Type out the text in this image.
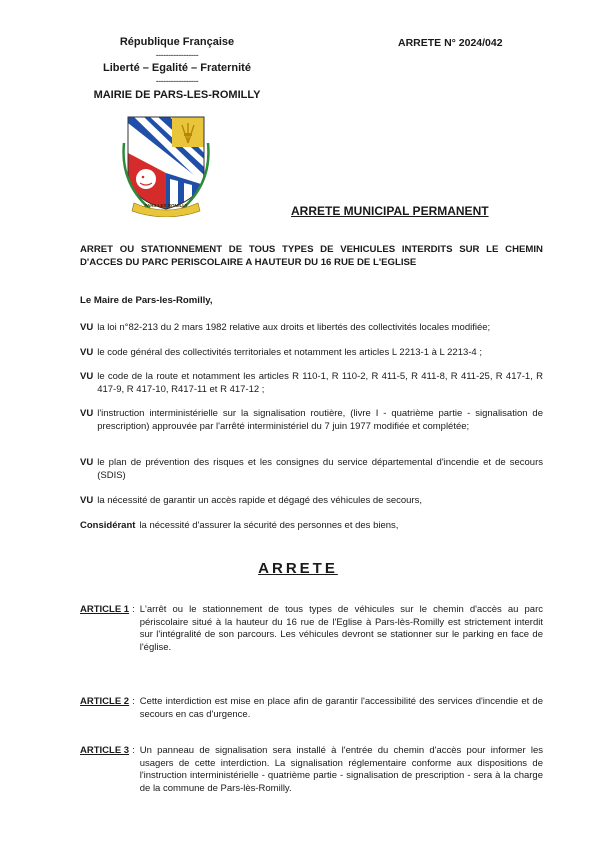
République Française
-----------------
Liberté – Egalité – Fraternité
-----------------
MAIRIE DE PARS-LES-ROMILLY
ARRETE N° 2024/042
PARS LES ROMILLY	ARRETE MUNICIPAL PERMANENT
ARRET OU STATIONNEMENT DE TOUS TYPES DE VEHICULES INTERDITS SUR LE CHEMIN D'ACCES DU PARC PERISCOLAIRE A HAUTEUR DU 16 RUE DE L'EGLISE
Le Maire de Pars-les-Romilly,
VU la loi n°82-213 du 2 mars 1982 relative aux droits et libertés des collectivités locales modifiée;
VU le code général des collectivités territoriales et notamment les articles L 2213-1 à L 2213-4 ;
VU le code de la route et notamment les articles R 110-1, R 110-2, R 411-5, R 411-8, R 411-25, R 417-1, R 417-9, R 417-10, R417-11 et R 417-12 ;
VU l'instruction interministérielle sur la signalisation routière, (livre I - quatrième partie - signalisation de prescription) approuvée par l'arrêté interministériel du 7 juin 1977 modifiée et complétée;
VU le plan de prévention des risques et les consignes du service départemental d'incendie et de secours (SDIS)
VU la nécessité de garantir un accès rapide et dégagé des véhicules de secours,
Considérant la nécessité d'assurer la sécurité des personnes et des biens,
ARRETE
ARTICLE 1 : L'arrêt ou le stationnement de tous types de véhicules sur le chemin d'accès au parc périscolaire situé à la hauteur du 16 rue de l'Eglise à Pars-lès-Romilly est strictement interdit sur l'intégralité de son parcours. Les véhicules devront se stationner sur le parking en face de l'église.
ARTICLE 2 : Cette interdiction est mise en place afin de garantir l'accessibilité des services d'incendie et de secours en cas d'urgence.
ARTICLE 3 : Un panneau de signalisation sera installé à l'entrée du chemin d'accès pour informer les usagers de cette interdiction. La signalisation réglementaire conforme aux dispositions de l'instruction interministérielle - quatrième partie - signalisation de prescription - sera à la charge de la commune de Pars-lès-Romilly.
